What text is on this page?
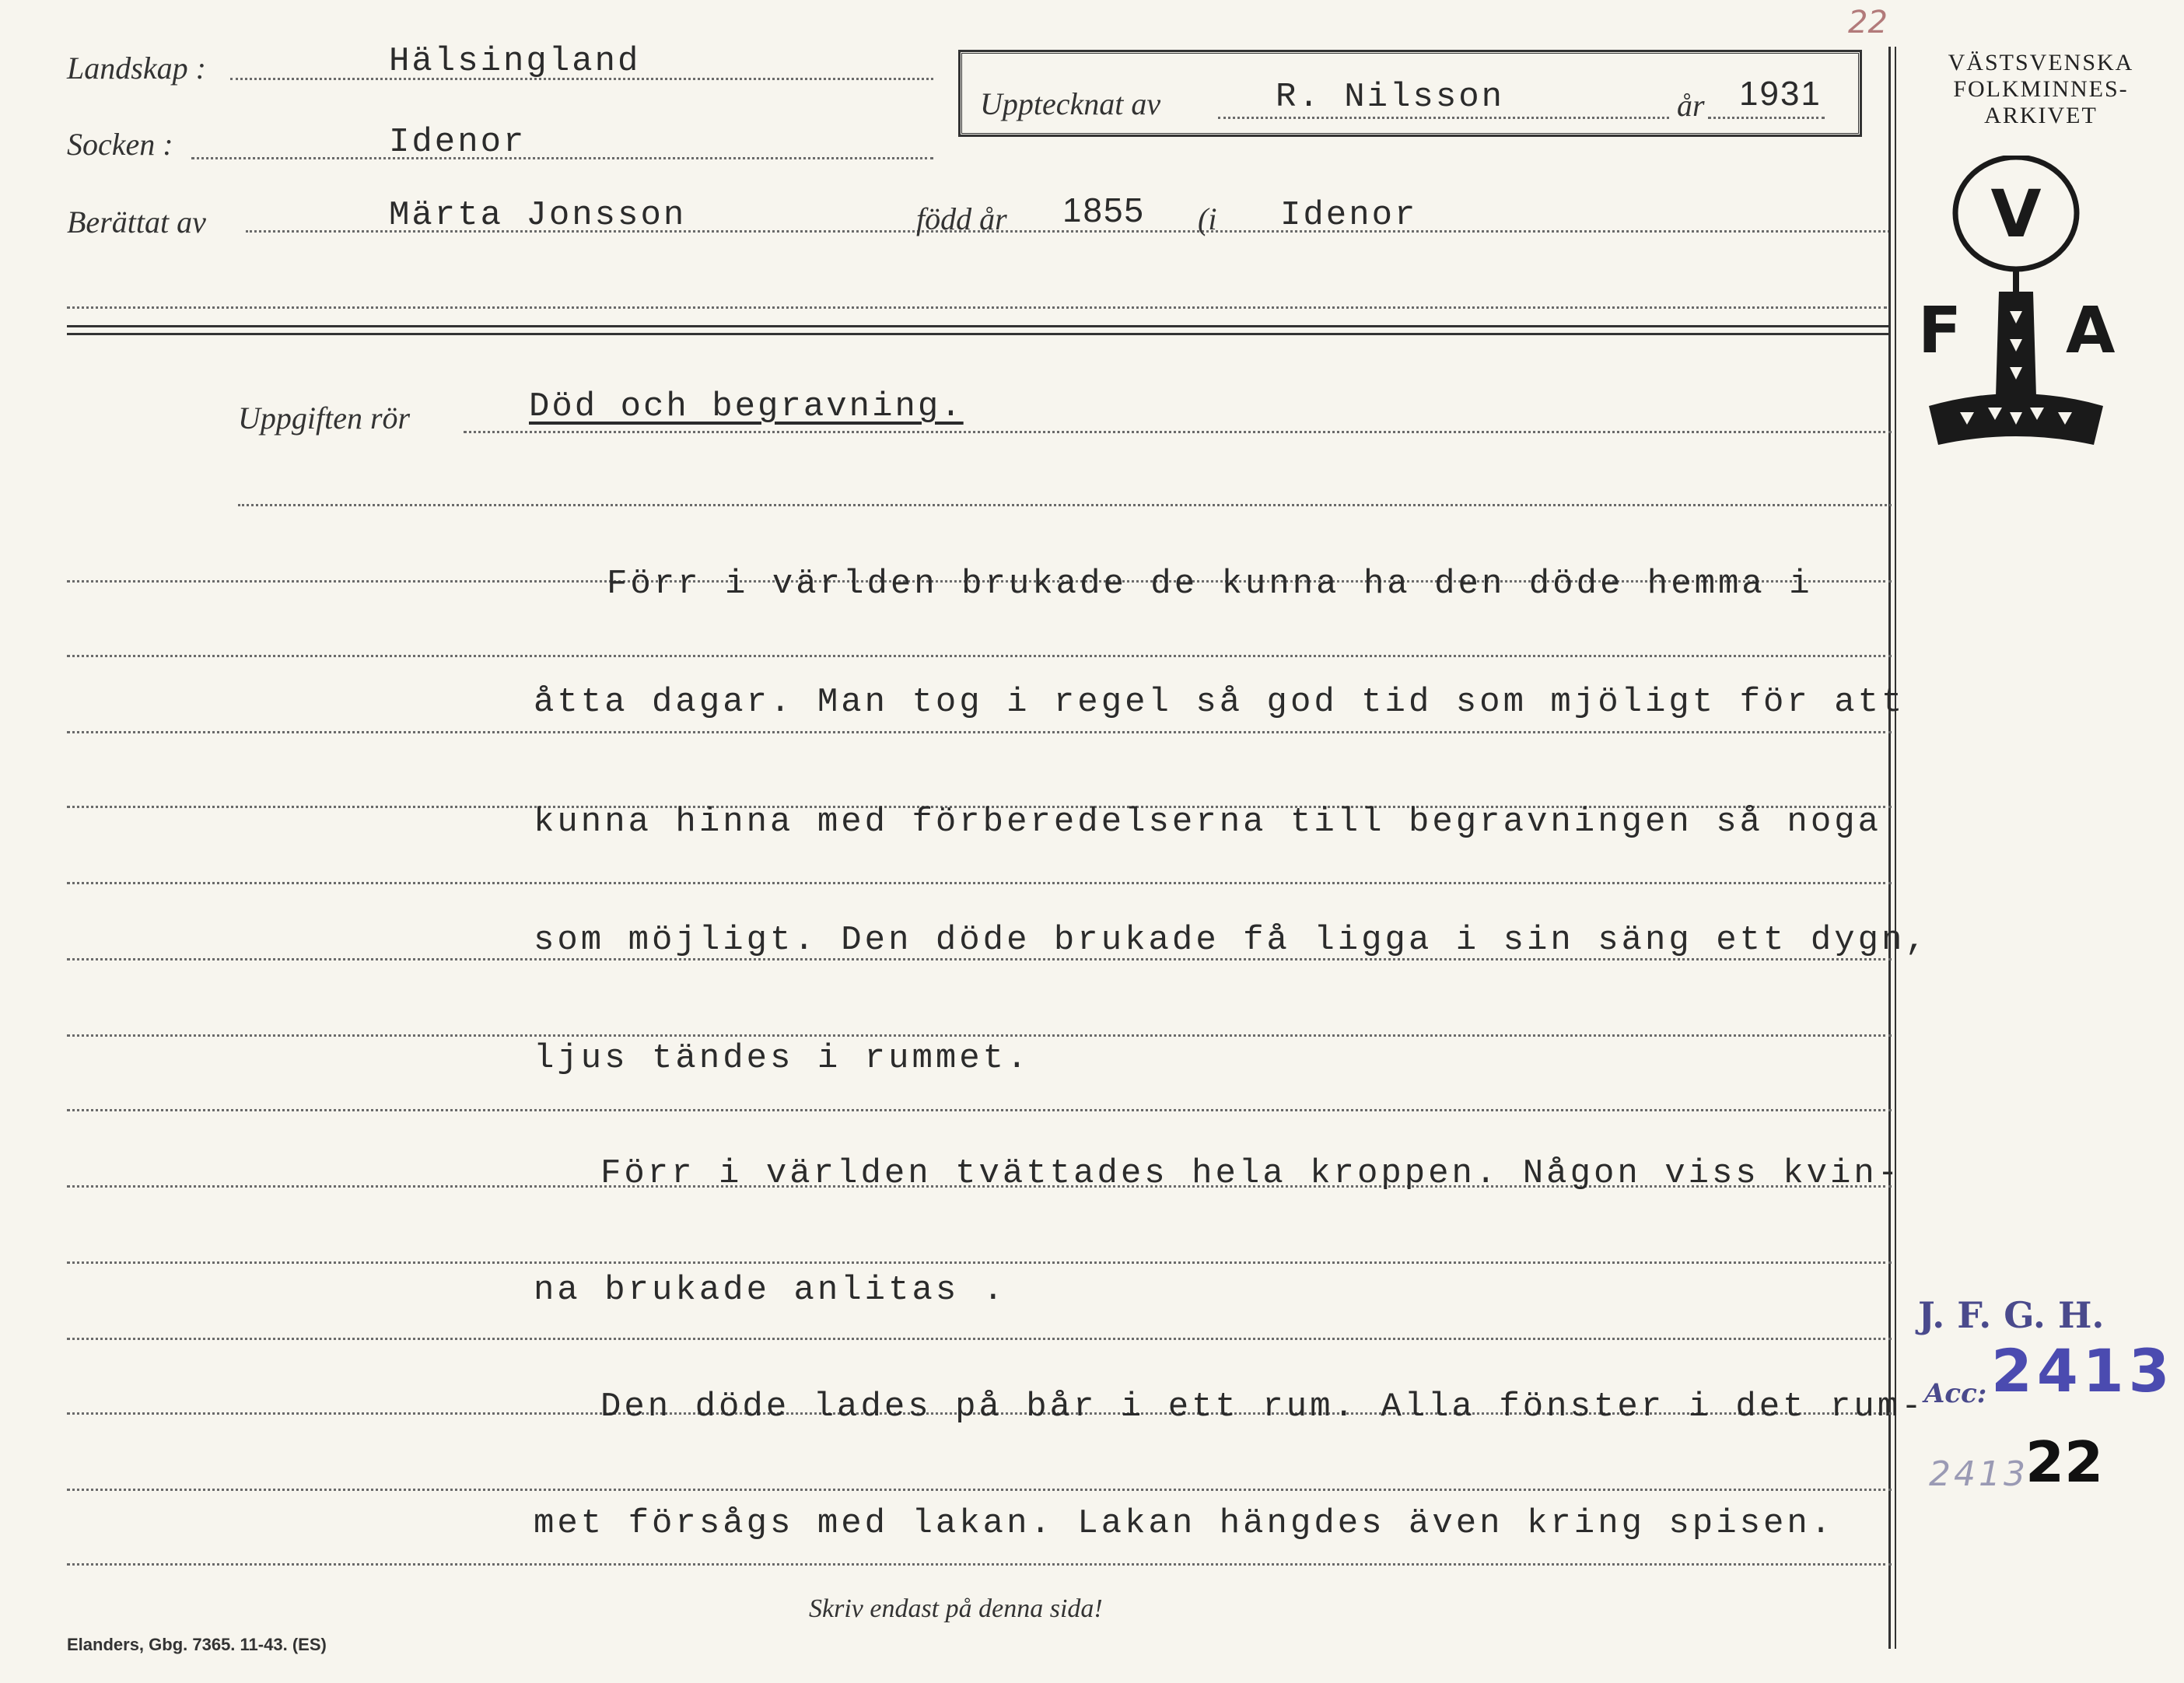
Landskap :	Hälsingland
Socken :	Idenor
Berättat av	Märta Jonsson	född år 1855 (i Idenor
Upptecknat av	R. Nilsson	år 1931
22
VÄSTSVENSKA
FOLKMINNES-
ARKIVET
V
F A
Uppgiften rör	Död och begravning.
Förr i världen brukade de kunna ha den döde hemma i
åtta dagar. Man tog i regel så god tid som mjöligt för att
kunna hinna med förberedelserna till begravningen så noga
som möjligt. Den döde brukade få ligga i sin säng ett dygn,
ljus tändes i rummet.
Förr i världen tvättades hela kroppen. Någon viss kvin-
na brukade anlitas .
Den döde lades på bår i ett rum. Alla fönster i det rum-
met försågs med lakan. Lakan hängdes även kring spisen.
J. F. G. H.
Acc: 2413
2413
22
Skriv endast på denna sida!
Elanders, Gbg. 7365. 11-43. (ES)
